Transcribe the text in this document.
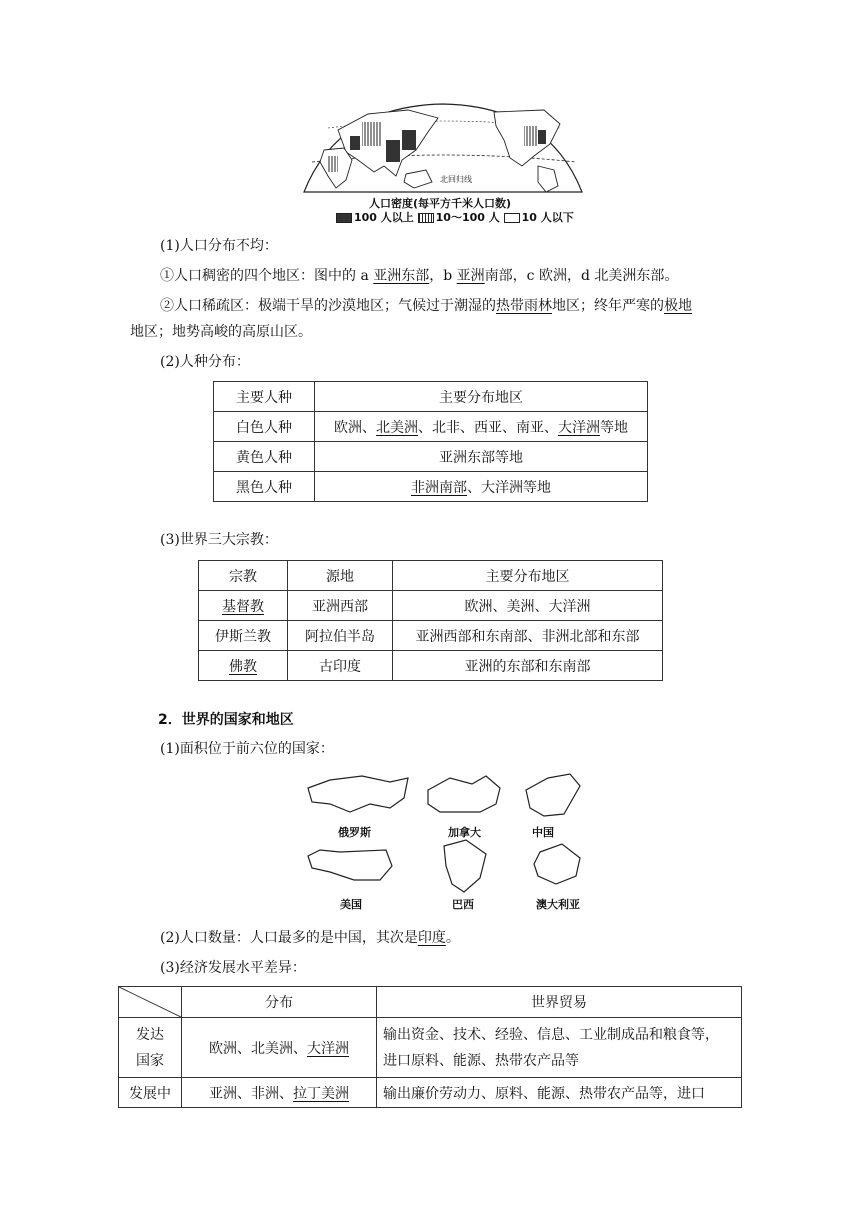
北回归线
人口密度(每平方千米人口数)
100 人以上 10～100 人 10 人以下
(1)人口分布不均：
①人口稠密的四个地区：图中的 a 亚洲东部，b 亚洲南部，c 欧洲，d 北美洲东部。
②人口稀疏区：极端干旱的沙漠地区；气候过于潮湿的热带雨林地区；终年严寒的极地
地区；地势高峻的高原山区。
(2)人种分布：
主要人种	主要分布地区
白色人种	欧洲、北美洲、北非、西亚、南亚、大洋洲等地
黄色人种	亚洲东部等地
黑色人种	非洲南部、大洋洲等地
(3)世界三大宗教：
宗教	源地	主要分布地区
基督教	亚洲西部	欧洲、美洲、大洋洲
伊斯兰教	阿拉伯半岛	亚洲西部和东南部、非洲北部和东部
佛教	古印度	亚洲的东部和东南部
2．世界的国家和地区
(1)面积位于前六位的国家：
俄罗斯	加拿大	中国
美国	巴西	澳大利亚
(2)人口数量：人口最多的是中国，其次是印度。
(3)经济发展水平差异：
	分布	世界贸易
发达
国家	欧洲、北美洲、大洋洲	输出资金、技术、经验、信息、工业制成品和粮食等，
进口原料、能源、热带农产品等
发展中	亚洲、非洲、拉丁美洲	输出廉价劳动力、原料、能源、热带农产品等，进口
